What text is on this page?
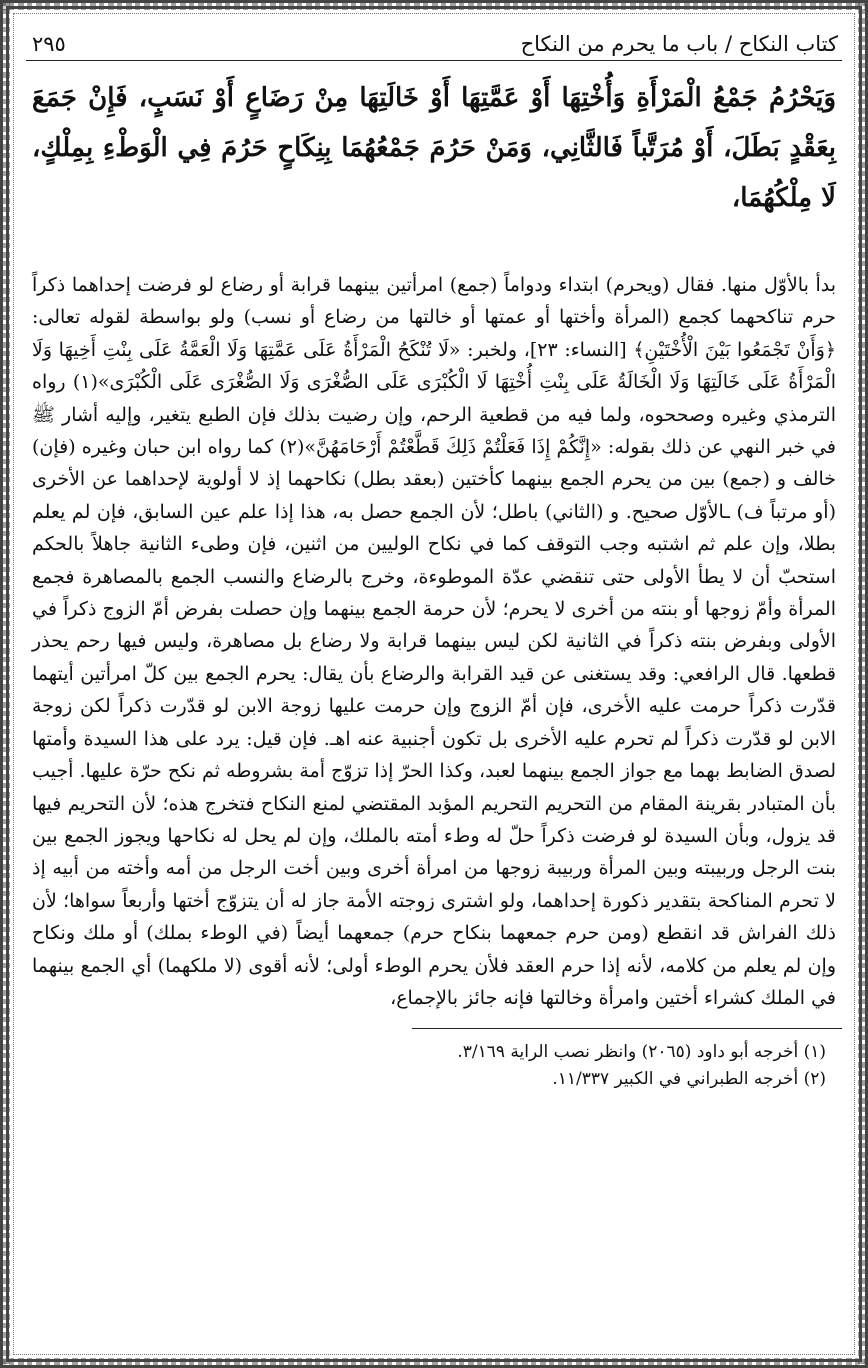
كتاب النكاح / باب ما يحرم من النكاح
٢٩٥
وَيَحْرُمُ جَمْعُ الْمَرْأَةِ وَأُخْتِهَا أَوْ عَمَّتِهَا أَوْ خَالَتِهَا مِنْ رَضَاعٍ أَوْ نَسَبٍ، فَإِنْ جَمَعَ بِعَقْدٍ بَطَلَ، أَوْ مُرَتَّباً فَالثَّانِي، وَمَنْ حَرُمَ جَمْعُهُمَا بِنِكَاحٍ حَرُمَ فِي الْوَطْءِ بِمِلْكٍ، لَا مِلْكُهُمَا،
بدأ بالأوّل منها. فقال (ويحرم) ابتداء ودواماً (جمع) امرأتين بينهما قرابة أو رضاع لو فرضت إحداهما ذكراً حرم تناكحهما كجمع (المرأة وأختها أو عمتها أو خالتها من رضاع أو نسب) ولو بواسطة لقوله تعالى: ﴿وَأَنْ تَجْمَعُوا بَيْنَ الْأُخْتَيْنِ﴾ [النساء: ٢٣]، ولخبر: «لَا تُنْكَحُ الْمَرْأَةُ عَلَى عَمَّتِهَا وَلَا الْعَمَّةُ عَلَى بِنْتِ أَخِيهَا وَلَا الْمَرْأَةُ عَلَى خَالَتِهَا وَلَا الْخَالَةُ عَلَى بِنْتِ أُخْتِهَا لَا الْكُبْرَى عَلَى الصُّغْرَى وَلَا الصُّغْرَى عَلَى الْكُبْرَى»(١) رواه الترمذي وغيره وصححوه، ولما فيه من قطعية الرحم، وإن رضيت بذلك فإن الطبع يتغير، وإليه أشار ﷺ في خبر النهي عن ذلك بقوله: «إِنَّكُمْ إِذَا فَعَلْتُمْ ذَلِكَ قَطَّعْتُمْ أَرْحَامَهُنَّ»(٢) كما رواه ابن حبان وغيره (فإن) خالف و (جمع) بين من يحرم الجمع بينهما كأختين (بعقد بطل) نكاحهما إذ لا أولوية لإحداهما عن الأخرى (أو مرتباً ف) ـالأوّل صحيح. و (الثاني) باطل؛ لأن الجمع حصل به، هذا إذا علم عين السابق، فإن لم يعلم بطلا، وإن علم ثم اشتبه وجب التوقف كما في نكاح الوليين من اثنين، فإن وطىء الثانية جاهلاً بالحكم استحبّ أن لا يطأ الأولى حتى تنقضي عدّة الموطوءة، وخرج بالرضاع والنسب الجمع بالمصاهرة فجمع المرأة وأمّ زوجها أو بنته من أخرى لا يحرم؛ لأن حرمة الجمع بينهما وإن حصلت بفرض أمّ الزوج ذكراً في الأولى وبفرض بنته ذكراً في الثانية لكن ليس بينهما قرابة ولا رضاع بل مصاهرة، وليس فيها رحم يحذر قطعها. قال الرافعي: وقد يستغنى عن قيد القرابة والرضاع بأن يقال: يحرم الجمع بين كلّ امرأتين أيتهما قدّرت ذكراً حرمت عليه الأخرى، فإن أمّ الزوج وإن حرمت عليها زوجة الابن لو قدّرت ذكراً لكن زوجة الابن لو قدّرت ذكراً لم تحرم عليه الأخرى بل تكون أجنبية عنه اهـ. فإن قيل: يرد على هذا السيدة وأمتها لصدق الضابط بهما مع جواز الجمع بينهما لعبد، وكذا الحرّ إذا تزوّج أمة بشروطه ثم نكح حرّة عليها. أجيب بأن المتبادر بقرينة المقام من التحريم التحريم المؤبد المقتضي لمنع النكاح فتخرج هذه؛ لأن التحريم فيها قد يزول، وبأن السيدة لو فرضت ذكراً حلّ له وطء أمته بالملك، وإن لم يحل له نكاحها ويجوز الجمع بين بنت الرجل وربيبته وبين المرأة وربيبة زوجها من امرأة أخرى وبين أخت الرجل من أمه وأخته من أبيه إذ لا تحرم المناكحة بتقدير ذكورة إحداهما، ولو اشترى زوجته الأمة جاز له أن يتزوّج أختها وأربعاً سواها؛ لأن ذلك الفراش قد انقطع (ومن حرم جمعهما بنكاح حرم) جمعهما أيضاً (في الوطء بملك) أو ملك ونكاح وإن لم يعلم من كلامه، لأنه إذا حرم العقد فلأن يحرم الوطء أولى؛ لأنه أقوى (لا ملكهما) أي الجمع بينهما في الملك كشراء أختين وامرأة وخالتها فإنه جائز بالإجماع،
(١) أخرجه أبو داود (٢٠٦٥) وانظر نصب الراية ٣/١٦٩.
(٢) أخرجه الطبراني في الكبير ١١/٣٣٧.
